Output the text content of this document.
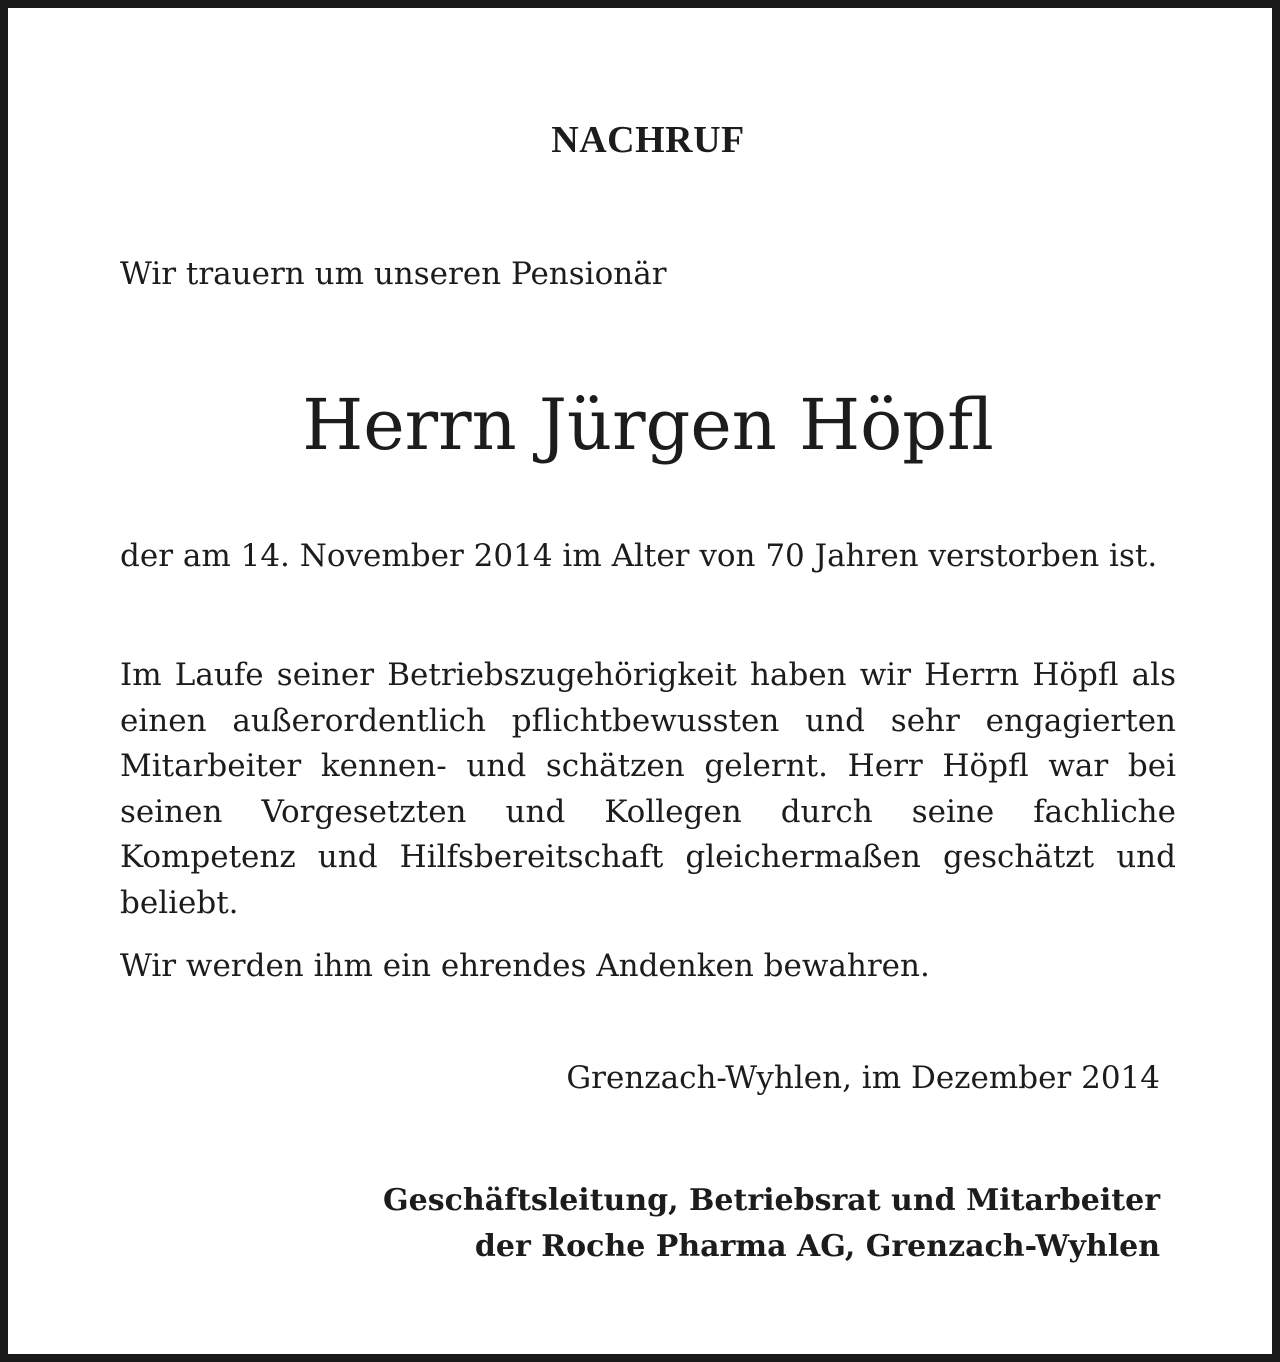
NACHRUF
Wir trauern um unseren Pensionär
Herrn Jürgen Höpfl
der am 14. November 2014 im Alter von 70 Jahren verstorben ist.

Im Laufe seiner Betriebszugehörigkeit haben wir Herrn Höpfl als einen außerordentlich pflichtbewussten und sehr engagierten Mitarbeiter kennen- und schätzen gelernt. Herr Höpfl war bei seinen Vorgesetzten und Kollegen durch seine fachliche Kompetenz und Hilfsbereitschaft gleichermaßen geschätzt und beliebt.

Wir werden ihm ein ehrendes Andenken bewahren.
Grenzach-Wyhlen, im Dezember 2014
Geschäftsleitung, Betriebsrat und Mitarbeiter
der Roche Pharma AG, Grenzach-Wyhlen
